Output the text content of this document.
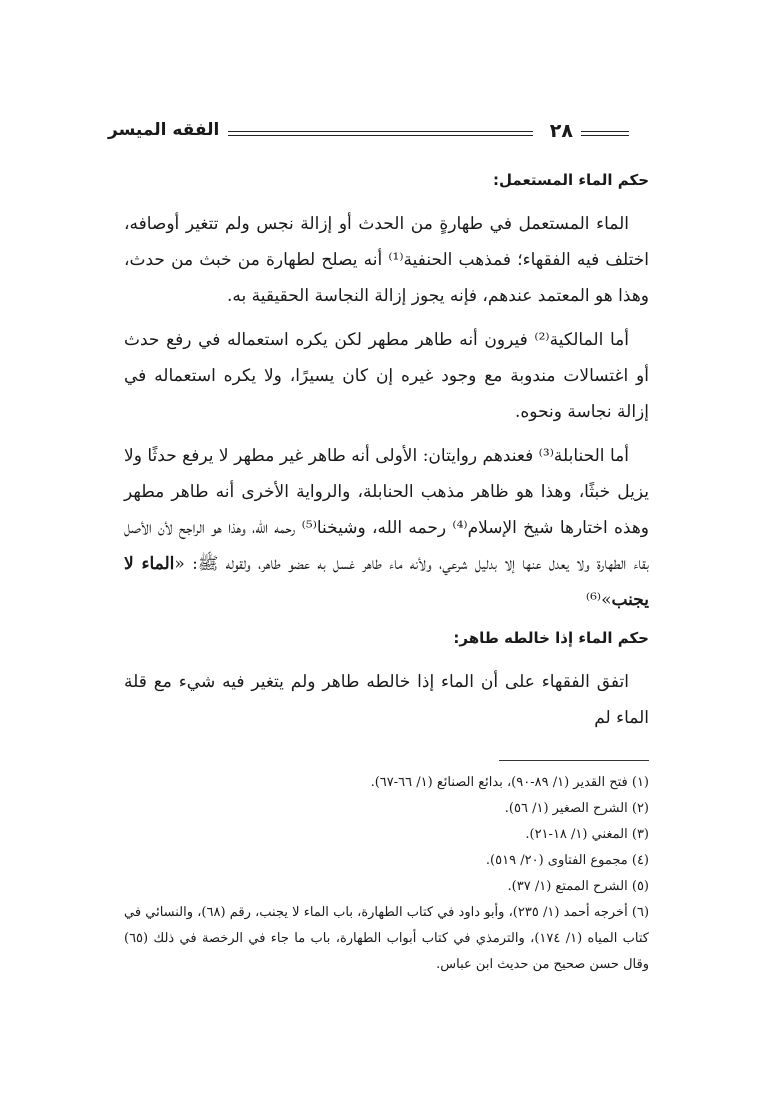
٢٨
الفقه الميسر

حكم الماء المستعمل:

الماء المستعمل في طهارةٍ من الحدث أو إزالة نجس ولم تتغير أوصافه، اختلف فيه الفقهاء؛ فمذهب الحنفية⁽¹⁾ أنه يصلح لطهارة من خبث من حدث، وهذا هو المعتمد عندهم، فإنه يجوز إزالة النجاسة الحقيقية به.

أما المالكية⁽²⁾ فيرون أنه طاهر مطهر لكن يكره استعماله في رفع حدث أو اغتسالات مندوبة مع وجود غيره إن كان يسيرًا، ولا يكره استعماله في إزالة نجاسة ونحوه.

أما الحنابلة⁽³⁾ فعندهم روايتان: الأولى أنه طاهر غير مطهر لا يرفع حدثًا ولا يزيل خبثًا، وهذا هو ظاهر مذهب الحنابلة، والرواية الأخرى أنه طاهر مطهر وهذه اختارها شيخ الإسلام⁽⁴⁾ رحمه الله، وشيخنا⁽⁵⁾ رحمه الله، وهذا هو الراجح لأن الأصل بقاء الطهارة ولا يعدل عنها إلا بدليل شرعي، ولأنه ماء طاهر غسل به عضو طاهر، ولقوله ﷺ: «الماء لا يجنب»⁽⁶⁾

حكم الماء إذا خالطه طاهر:

اتفق الفقهاء على أن الماء إذا خالطه طاهر ولم يتغير فيه شيء مع قلة الماء لم

(١) فتح القدير (١/ ٨٩-٩٠)، بدائع الصنائع (١/ ٦٦-٦٧).

(٢) الشرح الصغير (١/ ٥٦).

(٣) المغني (١/ ١٨-٢١).

(٤) مجموع الفتاوى (٢٠/ ٥١٩).

(٥) الشرح الممتع (١/ ٣٧).

(٦) أخرجه أحمد (١/ ٢٣٥)، وأبو داود في كتاب الطهارة، باب الماء لا يجنب، رقم (٦٨)، والنسائي في كتاب المياه (١/ ١٧٤)، والترمذي في كتاب أبواب الطهارة، باب ما جاء في الرخصة في ذلك (٦٥) وقال حسن صحيح من حديث ابن عباس.
